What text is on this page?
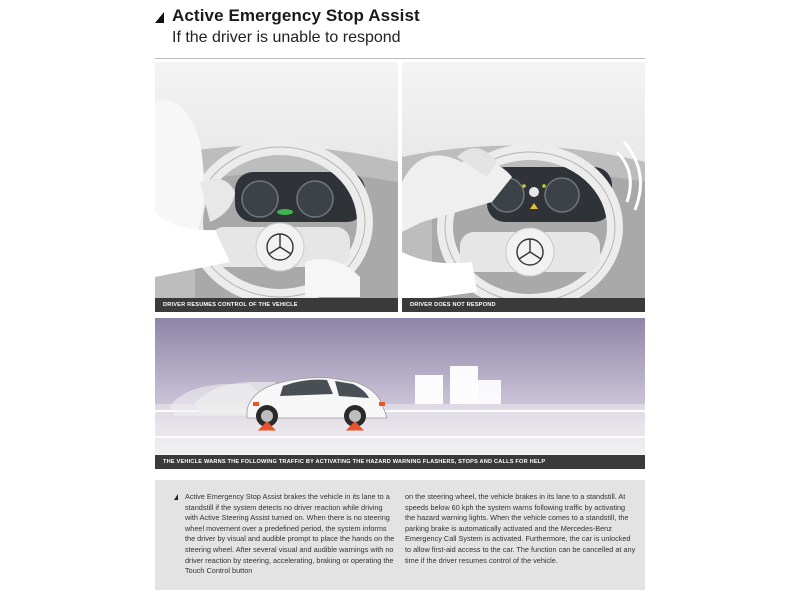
Active Emergency Stop Assist
If the driver is unable to respond
DRIVER RESUMES CONTROL OF THE VEHICLE	DRIVER DOES NOT RESPOND
THE VEHICLE WARNS THE FOLLOWING TRAFFIC BY ACTIVATING THE HAZARD WARNING FLASHERS, STOPS AND CALLS FOR HELP
Active Emergency Stop Assist brakes the vehicle in its lane to a standstill if the system detects no driver reaction while driving with Active Steering Assist turned on. When there is no steering wheel movement over a predefined period, the system informs the driver by visual and audible prompt to place the hands on the steering wheel. After several visual and audible warnings with no driver reaction by steering, accelerating, braking or operating the Touch Control button
on the steering wheel, the vehicle brakes in its lane to a standstill. At speeds below 60 kph the system warns following traffic by activating the hazard warning lights. When the vehicle comes to a standstill, the parking brake is automatically activated and the Mercedes-Benz Emergency Call System is activated. Furthermore, the car is unlocked to allow first-aid access to the car. The function can be cancelled at any time if the driver resumes control of the vehicle.
